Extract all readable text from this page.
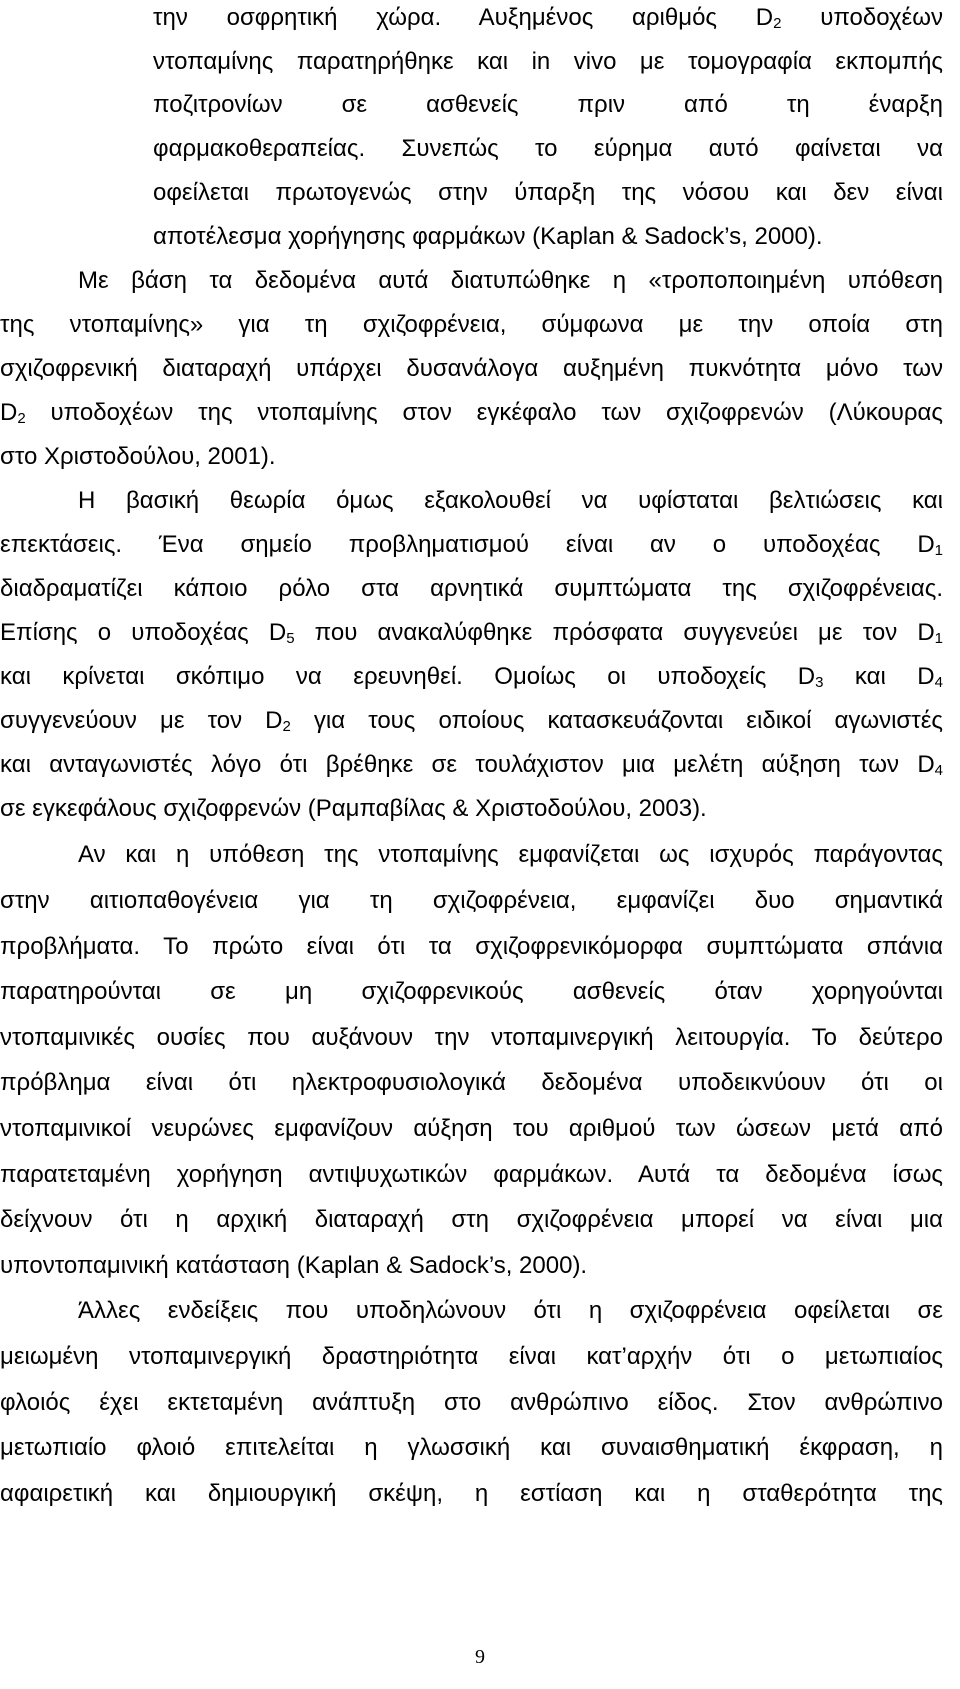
την οσφρητική χώρα. Αυξημένος αριθμός $D_2$ υποδοχέων
ντοπαμίνης παρατηρήθηκε και in vivo με τομογραφία εκπομπής
ποζιτρονίων σε ασθενείς πριν από τη έναρξη
φαρμακοθεραπείας. Συνεπώς το εύρημα αυτό φαίνεται να
οφείλεται πρωτογενώς στην ύπαρξη της νόσου και δεν είναι
αποτέλεσμα χορήγησης φαρμάκων (Kaplan & Sadock’s, 2000).
Με βάση τα δεδομένα αυτά διατυπώθηκε η «τροποποιημένη υπόθεση
της ντοπαμίνης» για τη σχιζοφρένεια, σύμφωνα με την οποία στη
σχιζοφρενική διαταραχή υπάρχει δυσανάλογα αυξημένη πυκνότητα μόνο των
$D_2$ υποδοχέων της ντοπαμίνης στον εγκέφαλο των σχιζοφρενών (Λύκουρας
στο Χριστοδούλου, 2001).
Η βασική θεωρία όμως εξακολουθεί να υφίσταται βελτιώσεις και
επεκτάσεις. Ένα σημείο προβληματισμού είναι αν ο υποδοχέας $D_1$
διαδραματίζει κάποιο ρόλο στα αρνητικά συμπτώματα της σχιζοφρένειας.
Επίσης ο υποδοχέας $D_5$ που ανακαλύφθηκε πρόσφατα συγγενεύει με τον $D_1$
και κρίνεται σκόπιμο να ερευνηθεί. Ομοίως οι υποδοχείς $D_3$ και $D_4$
συγγενεύουν με τον $D_2$ για τους οποίους κατασκευάζονται ειδικοί αγωνιστές
και ανταγωνιστές λόγο ότι βρέθηκε σε τουλάχιστον μια μελέτη αύξηση των $D_4$
σε εγκεφάλους σχιζοφρενών (Ραμπαβίλας & Χριστοδούλου, 2003).
Αν και η υπόθεση της ντοπαμίνης εμφανίζεται ως ισχυρός παράγοντας
στην αιτιοπαθογένεια για τη σχιζοφρένεια, εμφανίζει δυο σημαντικά
προβλήματα. Το πρώτο είναι ότι τα σχιζοφρενικόμορφα συμπτώματα σπάνια
παρατηρούνται σε μη σχιζοφρενικούς ασθενείς όταν χορηγούνται
ντοπαμινικές ουσίες που αυξάνουν την ντοπαμινεργική λειτουργία. Το δεύτερο
πρόβλημα είναι ότι ηλεκτροφυσιολογικά δεδομένα υποδεικνύουν ότι οι
ντοπαμινικοί νευρώνες εμφανίζουν αύξηση του αριθμού των ώσεων μετά από
παρατεταμένη χορήγηση αντιψυχωτικών φαρμάκων. Αυτά τα δεδομένα ίσως
δείχνουν ότι η αρχική διαταραχή στη σχιζοφρένεια μπορεί να είναι μια
υποντοπαμινική κατάσταση (Kaplan & Sadock’s, 2000).
Άλλες ενδείξεις που υποδηλώνουν ότι η σχιζοφρένεια οφείλεται σε
μειωμένη ντοπαμινεργική δραστηριότητα είναι κατ’αρχήν ότι ο μετωπιαίος
φλοιός έχει εκτεταμένη ανάπτυξη στο ανθρώπινο είδος. Στον ανθρώπινο
μετωπιαίο φλοιό επιτελείται η γλωσσική και συναισθηματική έκφραση, η
αφαιρετική και δημιουργική σκέψη, η εστίαση και η σταθερότητα της
9
